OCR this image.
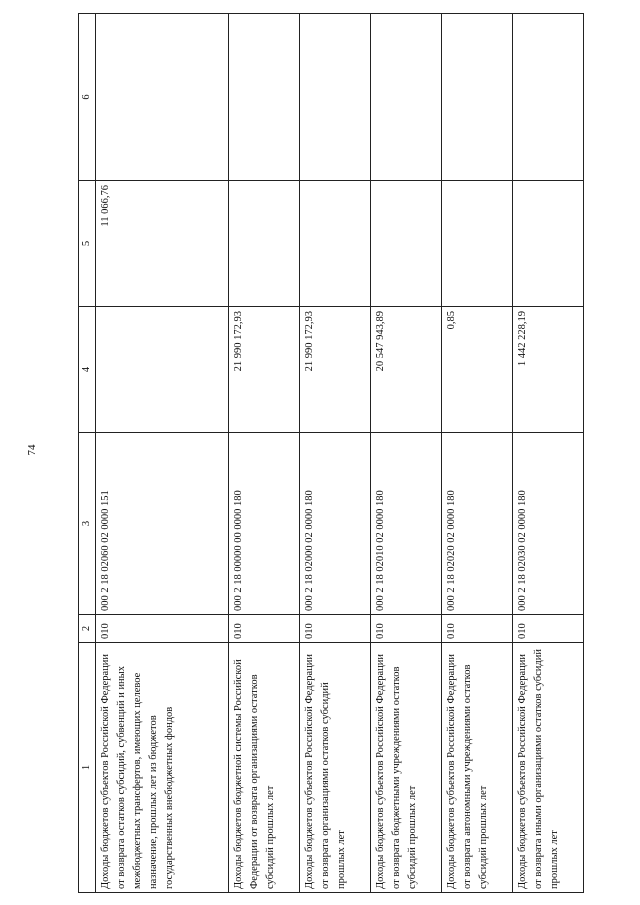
74
1	2	3	4	5	6
Доходы бюджетов субъектов Российской Федерации от возврата остатков субсидий, субвенций и иных межбюджетных трансфертов, имеющих целевое назначение, прошлых лет из бюджетов государственных внебюджетных фондов	010	000 2 18 02060 02 0000 151		11 066,76	
Доходы бюджетов бюджетной системы Российской Федерации от возврата организациями остатков субсидий прошлых лет	010	000 2 18 00000 00 0000 180	21 990 172,93		
Доходы бюджетов субъектов Российской Федерации от возврата организациями остатков субсидий прошлых лет	010	000 2 18 02000 02 0000 180	21 990 172,93		
Доходы бюджетов субъектов Российской Федерации от возврата бюджетными учреждениями остатков субсидий прошлых лет	010	000 2 18 02010 02 0000 180	20 547 943,89		
Доходы бюджетов субъектов Российской Федерации от возврата автономными учреждениями остатков субсидий прошлых лет	010	000 2 18 02020 02 0000 180	0,85		
Доходы бюджетов субъектов Российской Федерации от возврата иными организациями остатков субсидий прошлых лет	010	000 2 18 02030 02 0000 180	1 442 228,19		
